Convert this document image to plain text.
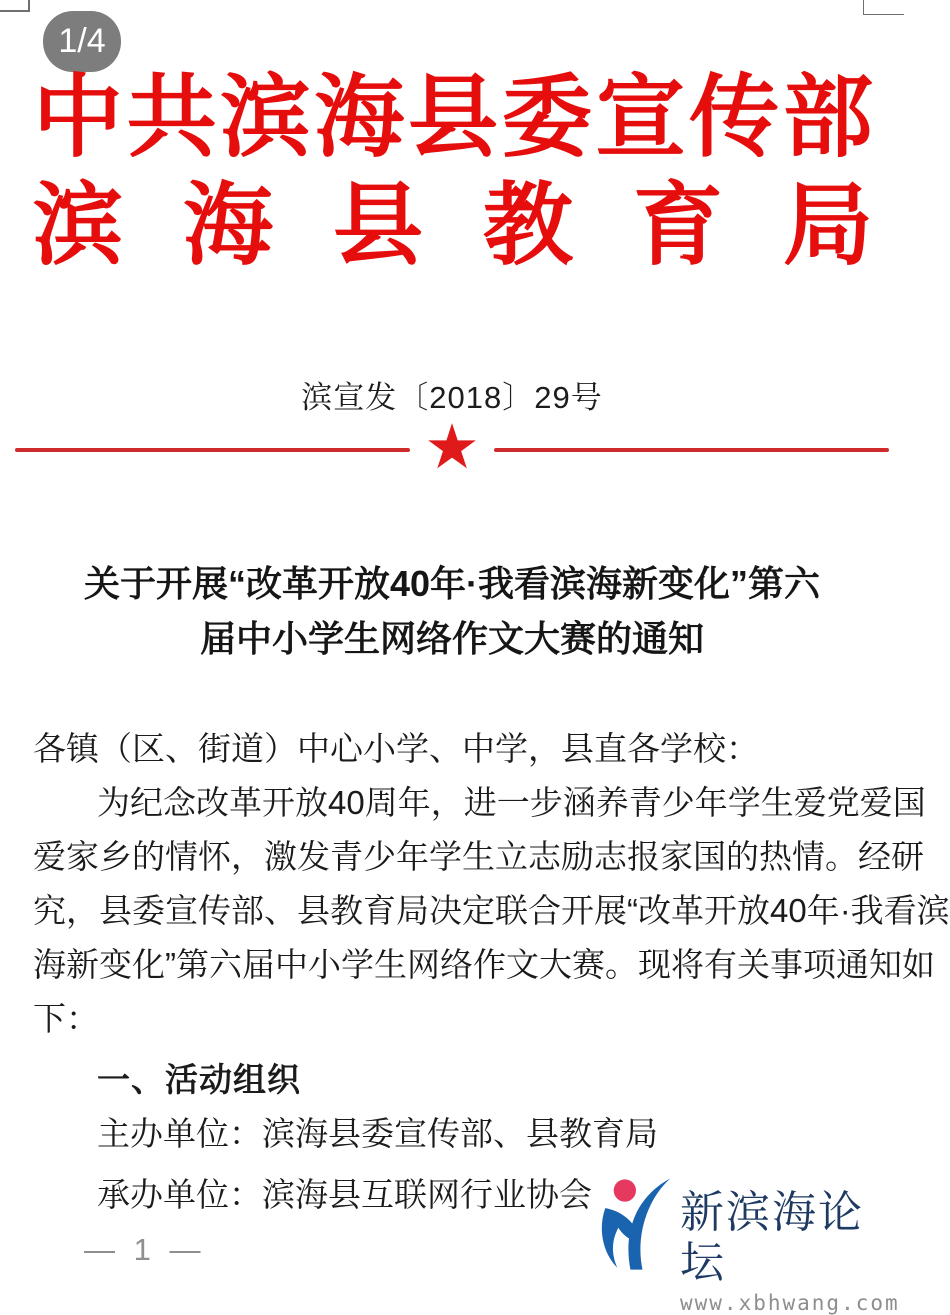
1/4
中 共 滨 海 县 委 宣 传 部
滨 海 县 教 育 局
滨宣发〔2018〕29号
★
关于开展“改革开放40年·我看滨海新变化”第六
届中小学生网络作文大赛的通知
各镇（区、街道）中心小学、中学，县直各学校：
为纪念改革开放40周年，进一步涵养青少年学生爱党爱国
爱家乡的情怀，激发青少年学生立志励志报家国的热情。经研
究，县委宣传部、县教育局决定联合开展“改革开放40年·我看滨
海新变化”第六届中小学生网络作文大赛。现将有关事项通知如
下：
一、活动组织
主办单位：滨海县委宣传部、县教育局
承办单位：滨海县互联网行业协会	新滨海论坛
www.xbhwang.com
— 1 —
